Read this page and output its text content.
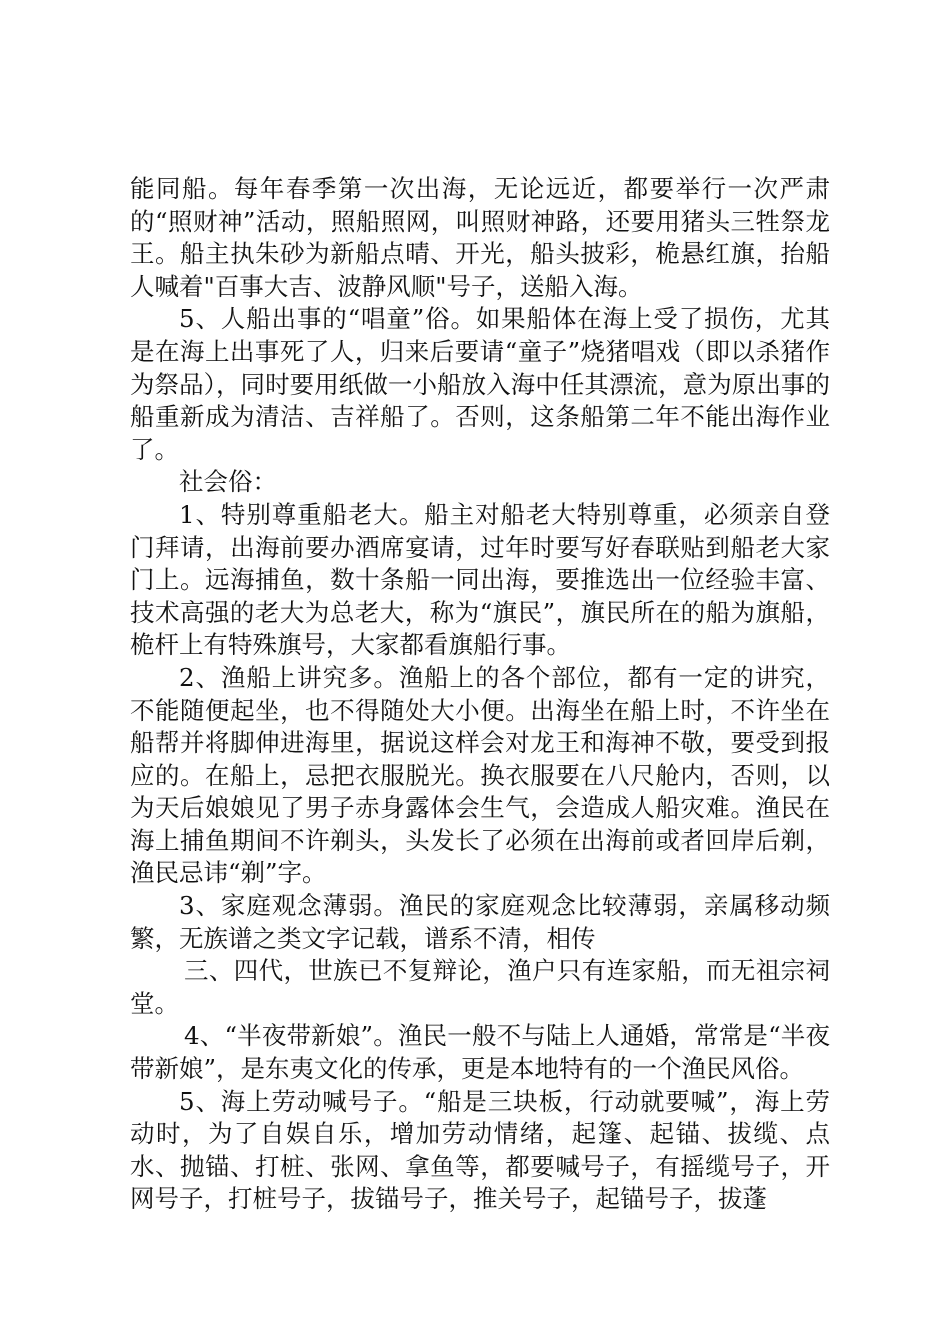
能同船。每年春季第一次出海，无论远近，都要举行一次严肃的“照财神”活动，照船照网，叫照财神路，还要用猪头三牲祭龙王。船主执朱砂为新船点晴、开光，船头披彩，桅悬红旗，抬船人喊着"百事大吉、波静风顺"号子，送船入海。

5、人船出事的“唱童”俗。如果船体在海上受了损伤，尤其是在海上出事死了人，归来后要请“童子”烧猪唱戏（即以杀猪作为祭品），同时要用纸做一小船放入海中任其漂流，意为原出事的船重新成为清洁、吉祥船了。否则，这条船第二年不能出海作业了。

社会俗：

1、特别尊重船老大。船主对船老大特别尊重，必须亲自登门拜请，出海前要办酒席宴请，过年时要写好春联贴到船老大家门上。远海捕鱼，数十条船一同出海，要推选出一位经验丰富、技术高强的老大为总老大，称为“旗民”，旗民所在的船为旗船，桅杆上有特殊旗号，大家都看旗船行事。

2、渔船上讲究多。渔船上的各个部位，都有一定的讲究，不能随便起坐，也不得随处大小便。出海坐在船上时，不许坐在船帮并将脚伸进海里，据说这样会对龙王和海神不敬，要受到报应的。在船上，忌把衣服脱光。换衣服要在八尺舱内，否则，以为天后娘娘见了男子赤身露体会生气，会造成人船灾难。渔民在海上捕鱼期间不许剃头，头发长了必须在出海前或者回岸后剃，渔民忌讳“剃”字。

3、家庭观念薄弱。渔民的家庭观念比较薄弱，亲属移动频繁，无族谱之类文字记载，谱系不清，相传

三、四代，世族已不复辩论，渔户只有连家船，而无祖宗祠堂。

4、“半夜带新娘”。渔民一般不与陆上人通婚，常常是“半夜带新娘”，是东夷文化的传承，更是本地特有的一个渔民风俗。

5、海上劳动喊号子。“船是三块板，行动就要喊”，海上劳动时，为了自娱自乐，增加劳动情绪，起篷、起锚、拔缆、点水、抛锚、打桩、张网、拿鱼等，都要喊号子，有摇缆号子，开网号子，打桩号子，拔锚号子，推关号子，起锚号子，拔蓬
